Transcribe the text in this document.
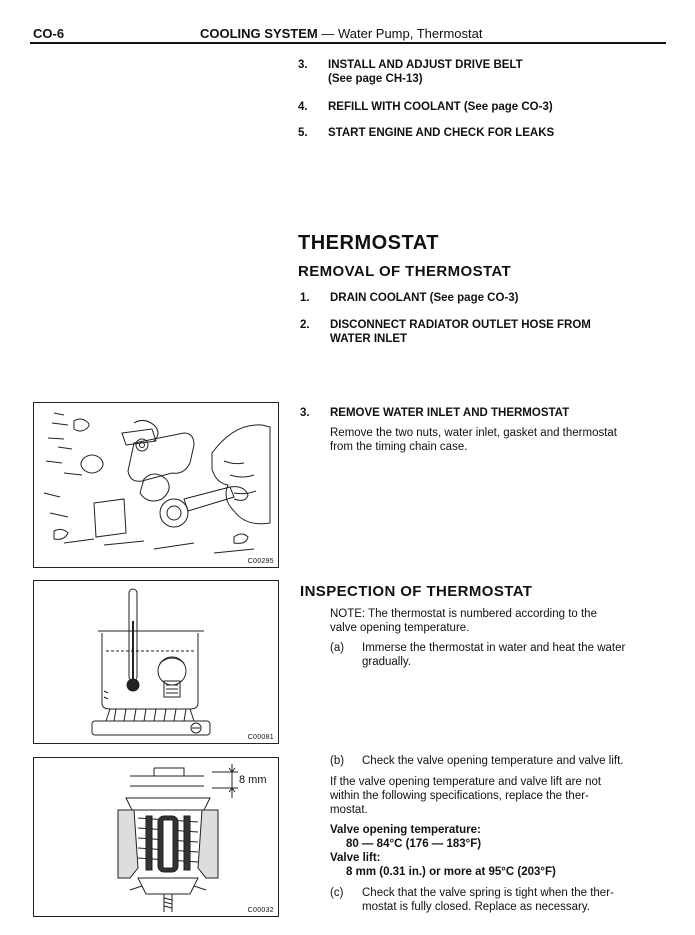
CO-6	COOLING SYSTEM — Water Pump, Thermostat
3. INSTALL AND ADJUST DRIVE BELT
(See page CH-13)
4. REFILL WITH COOLANT (See page CO-3)
5. START ENGINE AND CHECK FOR LEAKS
THERMOSTAT
REMOVAL OF THERMOSTAT
1. DRAIN COOLANT (See page CO-3)
2. DISCONNECT RADIATOR OUTLET HOSE FROM
WATER INLET
3. REMOVE WATER INLET AND THERMOSTAT
Remove the two nuts, water inlet, gasket and thermostat
from the timing chain case.
INSPECTION OF THERMOSTAT
NOTE: The thermostat is numbered according to the
valve opening temperature.
(a) Immerse the thermostat in water and heat the water
gradually.
(b) Check the valve opening temperature and valve lift.
If the valve opening temperature and valve lift are not
within the following specifications, replace the ther-
mostat.
Valve opening temperature:
80 — 84°C (176 — 183°F)
Valve lift:
8 mm (0.31 in.) or more at 95°C (203°F)
(c) Check that the valve spring is tight when the ther-
mostat is fully closed. Replace as necessary.
C00295
C00081
8 mm
C00032
